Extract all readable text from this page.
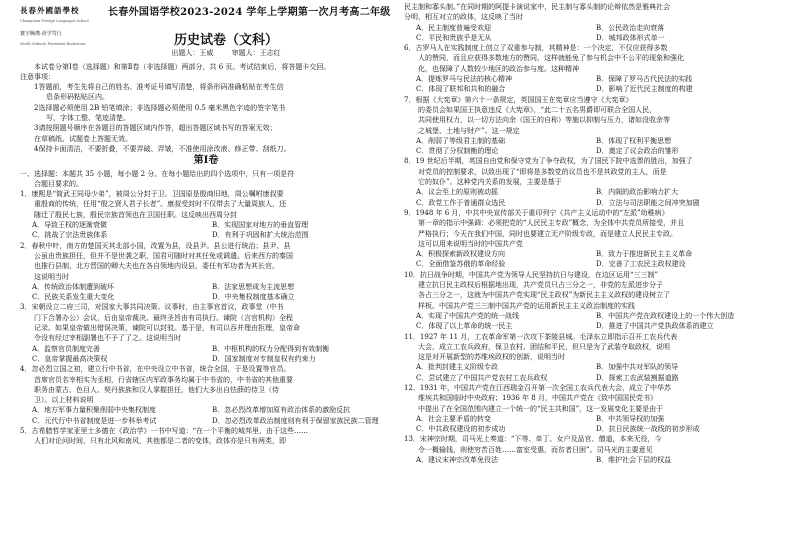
長春外國語學校
Changchun Foreign Languages School
寰宇胸襟·尚学笃行
World Outlook, Persistent Endeavour
长春外国语学校2023-2024 学年上学期第一次月考高二年级
历史试卷（文科）
出题人：王威	审题人：王志红

本试卷分第Ⅰ卷（选择题）和第Ⅱ卷（非选择题）两部分，共 6 页。考试结束后，将答题卡交回。

注意事项：

1答题前，考生先将自己的姓名、准考证号填写清楚，将条形码准确粘贴在考生信

息条形码粘贴区内。

2选择题必须使用 2B 铅笔填涂；非选择题必须使用 0.5 毫米黑色字迹的签字笔书

写，字体工整、笔迹清楚。

3请按照题号顺序在各题目的答题区域内作答，超出答题区域书写的答案无效；

在草稿纸、试题卷上答题无效。

4保持卡面清洁，不要折叠，不要弄破、弄皱，不准使用涂改液、修正带、刮纸刀。

第Ⅰ卷

一、选择题：本题共 35 小题，每小题 2 分。在每小题给出的四个选项中，只有一项是符

合题目要求的。

1．康熙是“简武王同母少弟”，被周公分封于卫。卫国原是殷商旧地，周公嘱咐康叔要

重殷商的传统，任用“殷之贤人君子长者”。康叔受封时不仅带去了大量周族人，还

随迁了殷民七族，殷民宗族首领也在卫国任职。这反映出西周分封

A．导致王权的逐渐衰微	B．实现国家对地方的垂直管理
C．挑战了宗法贵族体系	D．有利于巩固和扩大统治范围

2．春秋中叶，南方的楚国灭其北部小国，改置为县，设县尹。县公进行统治；县尹、县

公虽由贵族担任，但并不是世袭之职，国君可随时对其任免或调遣。后来西方的秦国

也推行县制，北方晋国的卿大夫也在各自领地内设县，委任有军功者为其长官。

这说明当时

A．传统政治体制遭到破坏	B．法家思想成为主流思想
C．民族关系发生重大变化	D．中央集权制度基本确立

3．宋朝设立二府三司，对国家大事共同决策。议事时，由主事官首议，政事堂（中书

门下合署办公）会议，后由皇帝裁决。最终圣旨由有司执行。谏院（言官机构）全程

记录。如果皇帝做出错误决策，谏院可以封驳。基于是，有司以吞并理由拒理，皇帝命

令没有经过宰相副署也不予了了之。这说明当时

A．监察官员制度完善	B．中枢机构的权力分配得到有效制衡
C．皇帝掌握最高决策权	D．国家制度对专制皇权有约束力

4．忽必烈立国之初，建立行中书省，在中央设立中书省，统合全国，于是设置等官员。

首席官员名宰相实为丞相，行省辖区内军政事务均属于中书省的，中书省的其他重要

职务由蒙古、色目人、契丹族族和汉人掌握担任，他们大多出自怯薛的侍卫（侍

卫）。以上材料说明

A．地方军事力量积聚削弱中央集权制度	B．忽必烈改革增加原有政治体系的激励反抗
C．元代行中书省制度是进一步科举考试	D．忽必烈改革政治制度则有利于保留家族民族二管理

5．古希腊哲学家亚里士多德在《政治学》一书中写道：“在一个平衡的城邦里，由于这些……

人们对论问时间，只有北风和南风，其他都是二者的变体，政体亦是只有两类，即

民主制和寡头制。”在同时期的阿提卡演说家中，民主制与寡头制的论辩依然是雅典社会

分明、相互对立的政体，这反映了当时

A．民主制度普遍受欢迎	B．公民政治走向衰落
C．平民和贵族乎是无从	D．城邦政体形式单一

6．古罗马人在实践制度上创立了双重参与制，其精神是：一个决定，不仅应获得多数

人的赞同，而且应获得多数地方的赞同，这样就能免了参与机会中不公平的现象和强化

化，也保障了人数较少地区的政治参与度。这种精神

A．提炼罗马与民法的核心精神	B．保障了罗马古代民法的实践
C．体现了联邦和共和的融合	D．影响了近代民主制度的构建

7．根据《大宪章》第六十一条规定，英国国王在宪章应当遵守《大宪章》

的委员会如果国王执意违反《大宪章》，“此二十五名男爵即可联合全国人民，

共同使用权力，以一切方法向余（国王的自称）等施以抑制与压力，诸如没收余等

之城堡、土地与财产”。这一规定

A．削弱了等级君主制的基础	B．体现了权利平衡思想
C．贯彻了分权制衡的理论	D．奠定了议会政治的雏形

8．19 世纪后半期，英国自由党和保守党为了争夺政权，为了国民下院中选票的胜出，加强了

对党员的控制要求，以致出现了“即将是多数党的议员也不是其政党的主人，而是

它的奴仆”。这种党内关系的发展，主要是基于

A．议会至上的原则被动摇	B．内阁的政治影响力扩大
C．政党工作于普通群众选民	D．立法与司法职能之间冲突加剧

9．1948 年 6 月，中共中央宣传部关于重印列宁《共产主义运动中的“左派”幼稚病》

第一章的指示中强调：必须把党的“人民民主专政”概念，为全体中共党员所接受，并且

严格执行；今天在我们中国，同时也要建立无产阶级专政，而是建立人民民主专政。

这可以用来说明当时的中国共产党

A．积极探索新政权建设方向	B．致力于推进新民主主义革命
C．全面借鉴苏俄的革命经验	D．完善了工农民主政权建设

10．抗日战争时期，中国共产党为领导人民坚持抗日与建设，在边区运用“三三制”

建立抗日民主政权后根据地出现，共产党员只占三分之一，非党的左派进步分子

各占三分之一，这就为中国共产党实现“民主政权”为新民主主义政权的建设树立了

样板。中国共产党三三制中国共产党的运用新民主主义政治制度的实践

A．实现了中国共产党的统一战线	B．中国共产党在政权建设上的一个伟大创造
C．体现了以上革命的统一民主	D．推进了中国共产党执政体系的建立

11．1927 年 11 月，工农革命军第一次攻下茶陵县城。毛泽东立即指示召开工农兵代表

大会，成立工农兵政府，保卫农村、团结和平民，但只是为了武装夺取政权，说明

这是对开展新型的苏维埃政权的创新，说明当时

A．批判封建主义阶级专政	B．加强中共对军队的领导
C．尝试建立了中国共产党农村工农兵政权	D．探索工农武装割据道路

12．1931 年，中国共产党在江西瑞金召开第一次全国工农兵代表大会，成立了中华苏

维埃共和国临时中央政府；1936 年 8 月，中国共产党在《致中国国民党书》

中提出了在全国范围内建立一个统一的“民主共和国”，这一发展变化主要是由于

A．社会主要矛盾的转变	B．中共领导权的加强
C．中共政权建设的初步成功	D．抗日民族统一战线的初步形成

13．宋神宗时期，司马光上奏道：“下等、单丁、女户及品官、僧道，本来无役，今

令一概输钱，则使穷苦百姓……富室受惠，而贫者日困”。司马光的主要意见

A．建议宋神宗改革免役法	B．维护社会下层的权益
